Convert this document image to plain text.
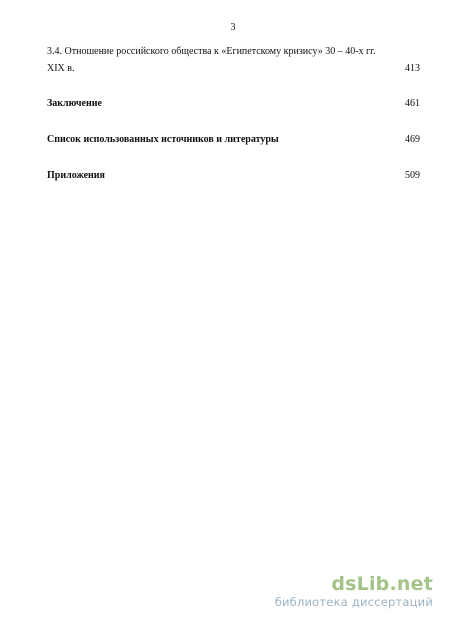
3
3.4. Отношение российского общества к «Египетскому кризису» 30 – 40-х гг.
XIX в.	413
Заключение	461
Список использованных источников и литературы	469
Приложения	509
dsLib.net
библиотека диссертаций
